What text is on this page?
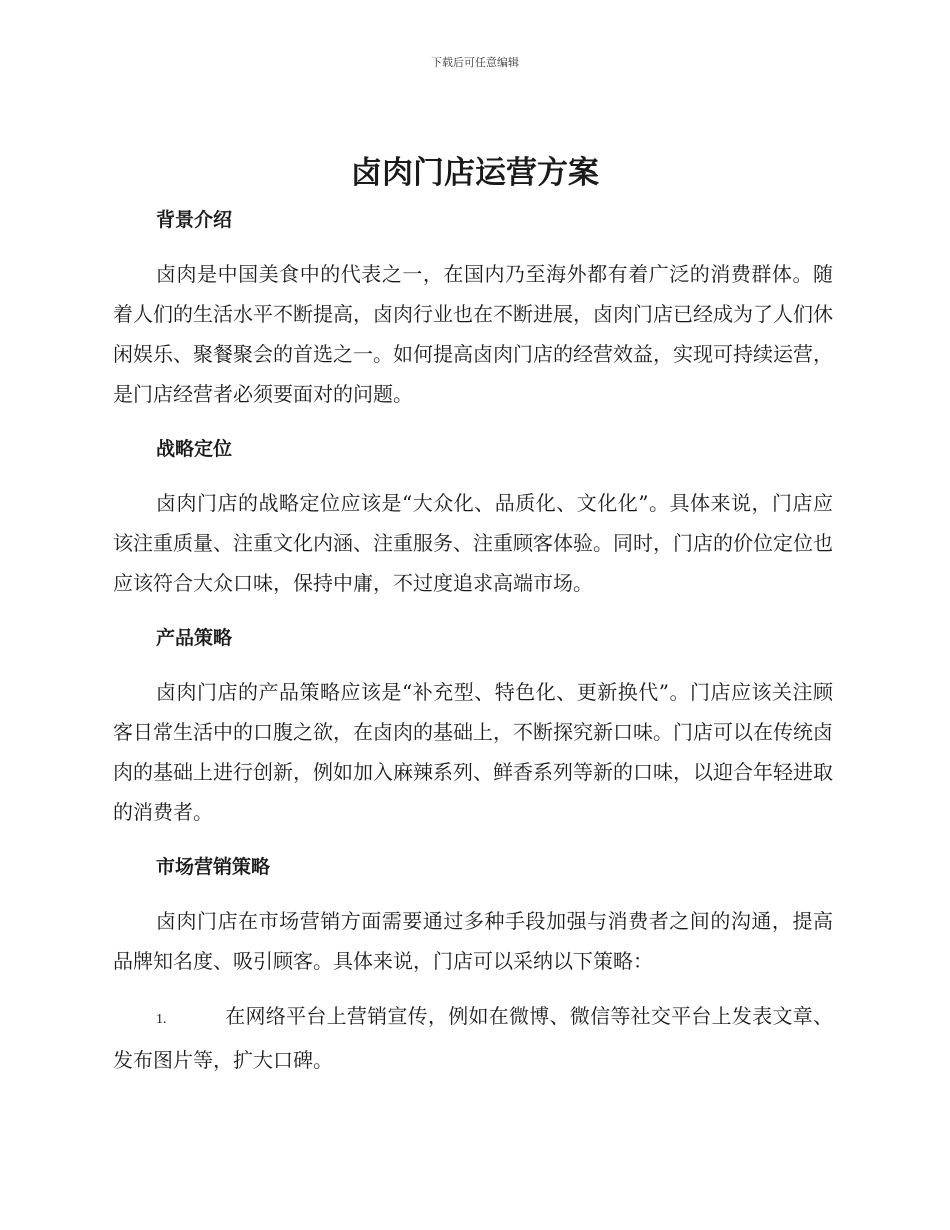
下载后可任意编辑
卤肉门店运营方案
背景介绍

卤肉是中国美食中的代表之一，在国内乃至海外都有着广泛的消费群体。随着人们的生活水平不断提高，卤肉行业也在不断进展，卤肉门店已经成为了人们休闲娱乐、聚餐聚会的首选之一。如何提高卤肉门店的经营效益，实现可持续运营，是门店经营者必须要面对的问题。

战略定位

卤肉门店的战略定位应该是“大众化、品质化、文化化”。具体来说，门店应该注重质量、注重文化内涵、注重服务、注重顾客体验。同时，门店的价位定位也应该符合大众口味，保持中庸，不过度追求高端市场。

产品策略

卤肉门店的产品策略应该是“补充型、特色化、更新换代”。门店应该关注顾客日常生活中的口腹之欲，在卤肉的基础上，不断探究新口味。门店可以在传统卤肉的基础上进行创新，例如加入麻辣系列、鲜香系列等新的口味，以迎合年轻进取的消费者。

市场营销策略

卤肉门店在市场营销方面需要通过多种手段加强与消费者之间的沟通，提高品牌知名度、吸引顾客。具体来说，门店可以采纳以下策略：

1.	在网络平台上营销宣传，例如在微博、微信等社交平台上发表文章、发布图片等，扩大口碑。
